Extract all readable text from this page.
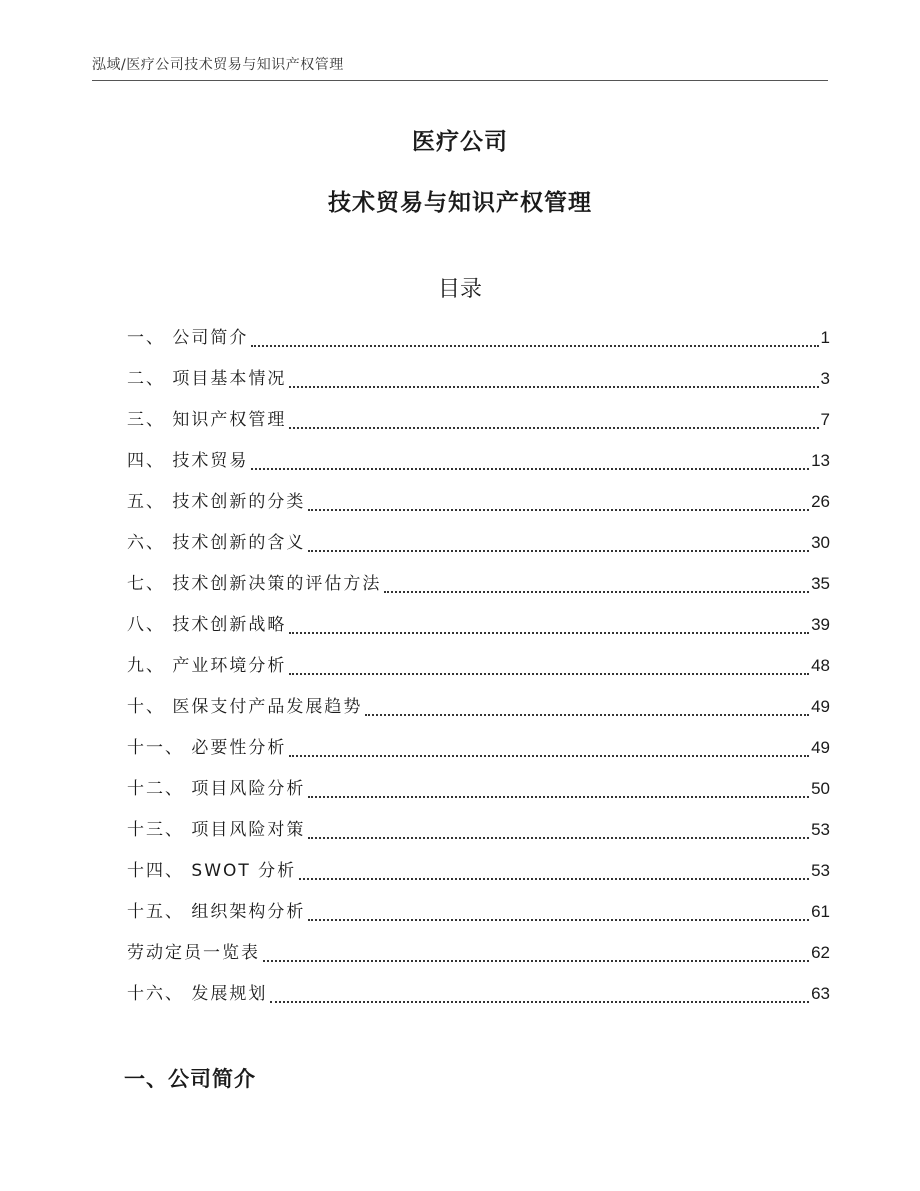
泓域/医疗公司技术贸易与知识产权管理
医疗公司
技术贸易与知识产权管理
目录
一、 公司简介	1
二、 项目基本情况	3
三、 知识产权管理	7
四、 技术贸易	13
五、 技术创新的分类	26
六、 技术创新的含义	30
七、 技术创新决策的评估方法	35
八、 技术创新战略	39
九、 产业环境分析	48
十、 医保支付产品发展趋势	49
十一、 必要性分析	49
十二、 项目风险分析	50
十三、 项目风险对策	53
十四、 SWOT 分析	53
十五、 组织架构分析	61
劳动定员一览表	62
十六、 发展规划	63
一、公司简介
